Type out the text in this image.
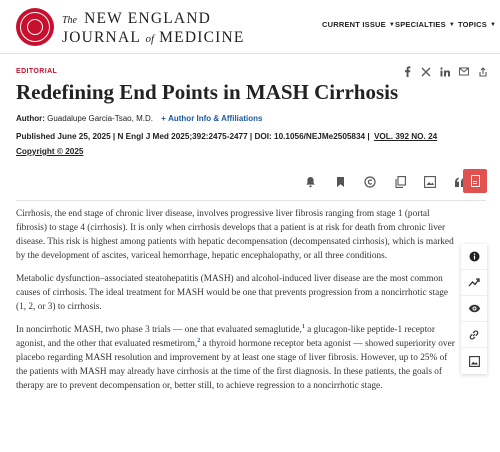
The NEW ENGLAND
JOURNAL of MEDICINE
CURRENT ISSUE ▼ SPECIALTIES ▼ TOPICS ▼
EDITORIAL
Redefining End Points in MASH Cirrhosis
Author: Guadalupe Garcia-Tsao, M.D. + Author Info & Affiliations
Published June 25, 2025 | N Engl J Med 2025;392:2475-2477 | DOI: 10.1056/NEJMe2505834 | VOL. 392 NO. 24
Copyright © 2025

Cirrhosis, the end stage of chronic liver disease, involves progressive liver fibrosis ranging from stage 1 (portal fibrosis) to stage 4 (cirrhosis). It is only when cirrhosis develops that a patient is at risk for death from chronic liver disease. This risk is highest among patients with hepatic decompensation (decompensated cirrhosis), which is marked by the development of ascites, variceal hemorrhage, hepatic encephalopathy, or all three conditions.

Metabolic dysfunction–associated steatohepatitis (MASH) and alcohol-induced liver disease are the most common causes of cirrhosis. The ideal treatment for MASH would be one that prevents progression from a noncirrhotic stage (1, 2, or 3) to cirrhosis.

In noncirrhotic MASH, two phase 3 trials — one that evaluated semaglutide,$^1$ a glucagon-like peptide-1 receptor agonist, and the other that evaluated resmetirom,$^2$ a thyroid hormone receptor beta agonist — showed superiority over placebo regarding MASH resolution and improvement by at least one stage of liver fibrosis. However, up to 25% of the patients with MASH may already have cirrhosis at the time of the first diagnosis. In these patients, the goals of therapy are to prevent decompensation or, better still, to achieve regression to a noncirrhotic stage.
